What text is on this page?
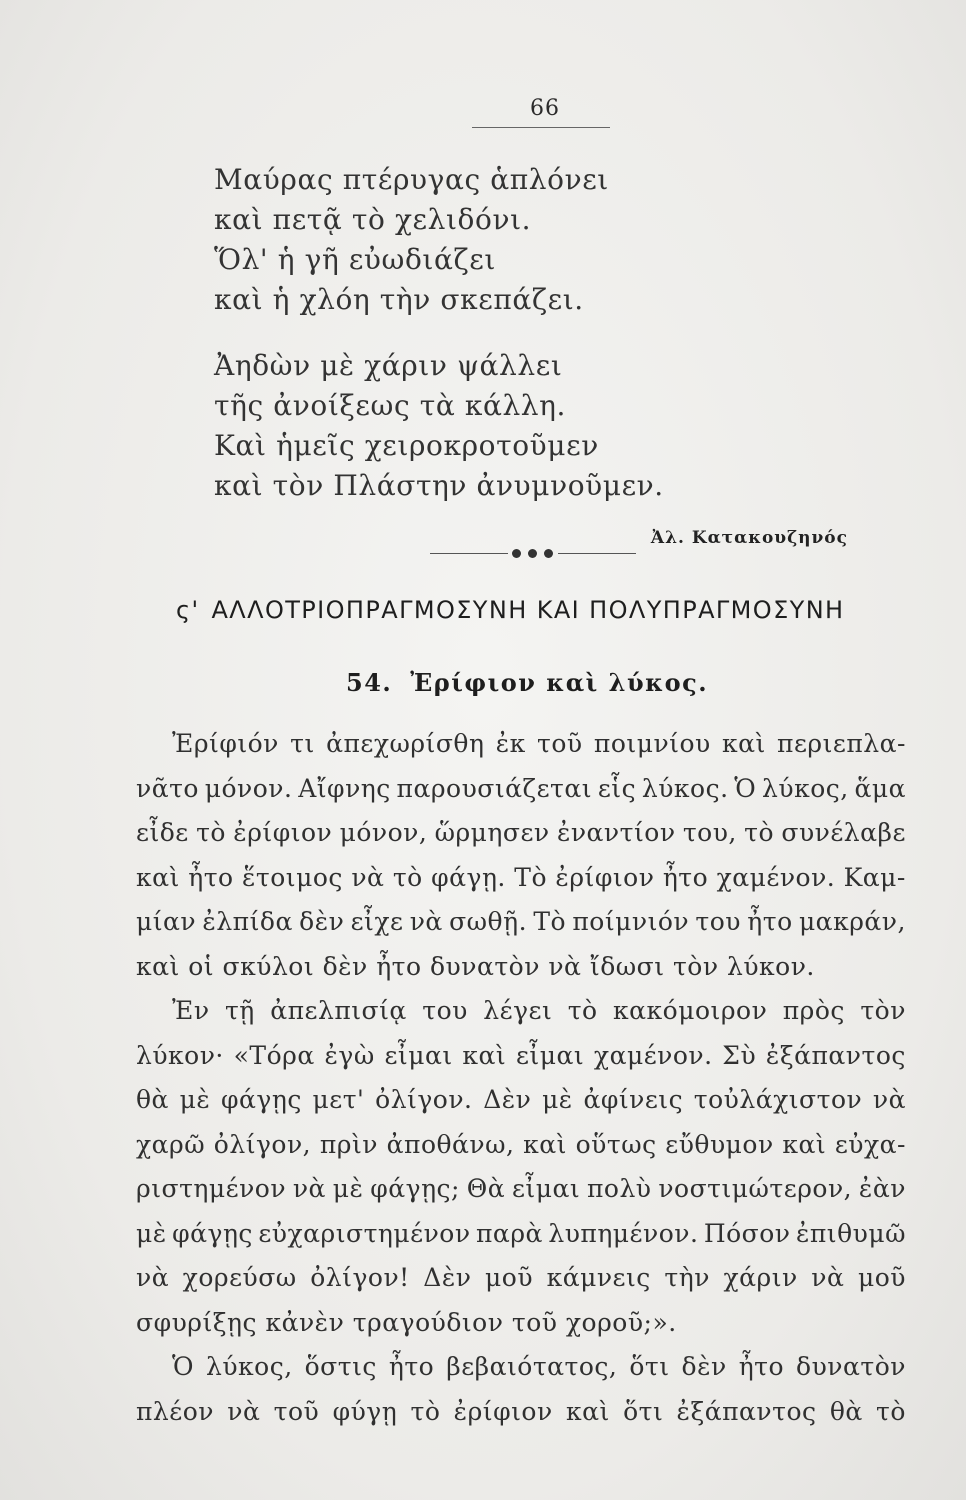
66
Μαύρας πτέρυγας ἁπλόνει
καὶ πετᾷ τὸ χελιδόνι.
Ὅλ' ἡ γῆ εὐωδιάζει
καὶ ἡ χλόη τὴν σκεπάζει.
Ἀηδὼν μὲ χάριν ψάλλει
τῆς ἀνοίξεως τὰ κάλλη.
Καὶ ἡμεῖς χειροκροτοῦμεν
καὶ τὸν Πλάστην ἀνυμνοῦμεν.
Ἀλ. Κατακουζηνός
ς' ΑΛΛΟΤΡΙΟΠΡΑΓΜΟΣΥΝΗ ΚΑΙ ΠΟΛΥΠΡΑΓΜΟΣΥΝΗ
54. Ἐρίφιον καὶ λύκος.
Ἐρίφιόν τι ἀπεχωρίσθη ἐκ τοῦ ποιμνίου καὶ περιεπλα-
νᾶτο μόνον. Αἴφνης παρουσιάζεται εἷς λύκος. Ὁ λύκος, ἅμα
εἶδε τὸ ἐρίφιον μόνον, ὥρμησεν ἐναντίον του, τὸ συνέλαβε
καὶ ἦτο ἕτοιμος νὰ τὸ φάγῃ. Τὸ ἐρίφιον ἦτο χαμένον. Καμ-
μίαν ἐλπίδα δὲν εἶχε νὰ σωθῇ. Τὸ ποίμνιόν του ἦτο μακράν,
καὶ οἱ σκύλοι δὲν ἦτο δυνατὸν νὰ ἴδωσι τὸν λύκον.
Ἐν τῇ ἀπελπισίᾳ του λέγει τὸ κακόμοιρον πρὸς τὸν
λύκον· «Τόρα ἐγὼ εἶμαι καὶ εἶμαι χαμένον. Σὺ ἐξάπαντος
θὰ μὲ φάγῃς μετ' ὀλίγον. Δὲν μὲ ἀφίνεις τοὐλάχιστον νὰ
χαρῶ ὀλίγον, πρὶν ἀποθάνω, καὶ οὕτως εὔθυμον καὶ εὐχα-
ριστημένον νὰ μὲ φάγῃς; Θὰ εἶμαι πολὺ νοστιμώτερον, ἐὰν
μὲ φάγῃς εὐχαριστημένον παρὰ λυπημένον. Πόσον ἐπιθυμῶ
νὰ χορεύσω ὀλίγον! Δὲν μοῦ κάμνεις τὴν χάριν νὰ μοῦ
σφυρίξῃς κἀνὲν τραγούδιον τοῦ χοροῦ;».
Ὁ λύκος, ὅστις ἦτο βεβαιότατος, ὅτι δὲν ἦτο δυνατὸν
πλέον νὰ τοῦ φύγῃ τὸ ἐρίφιον καὶ ὅτι ἐξάπαντος θὰ τὸ
